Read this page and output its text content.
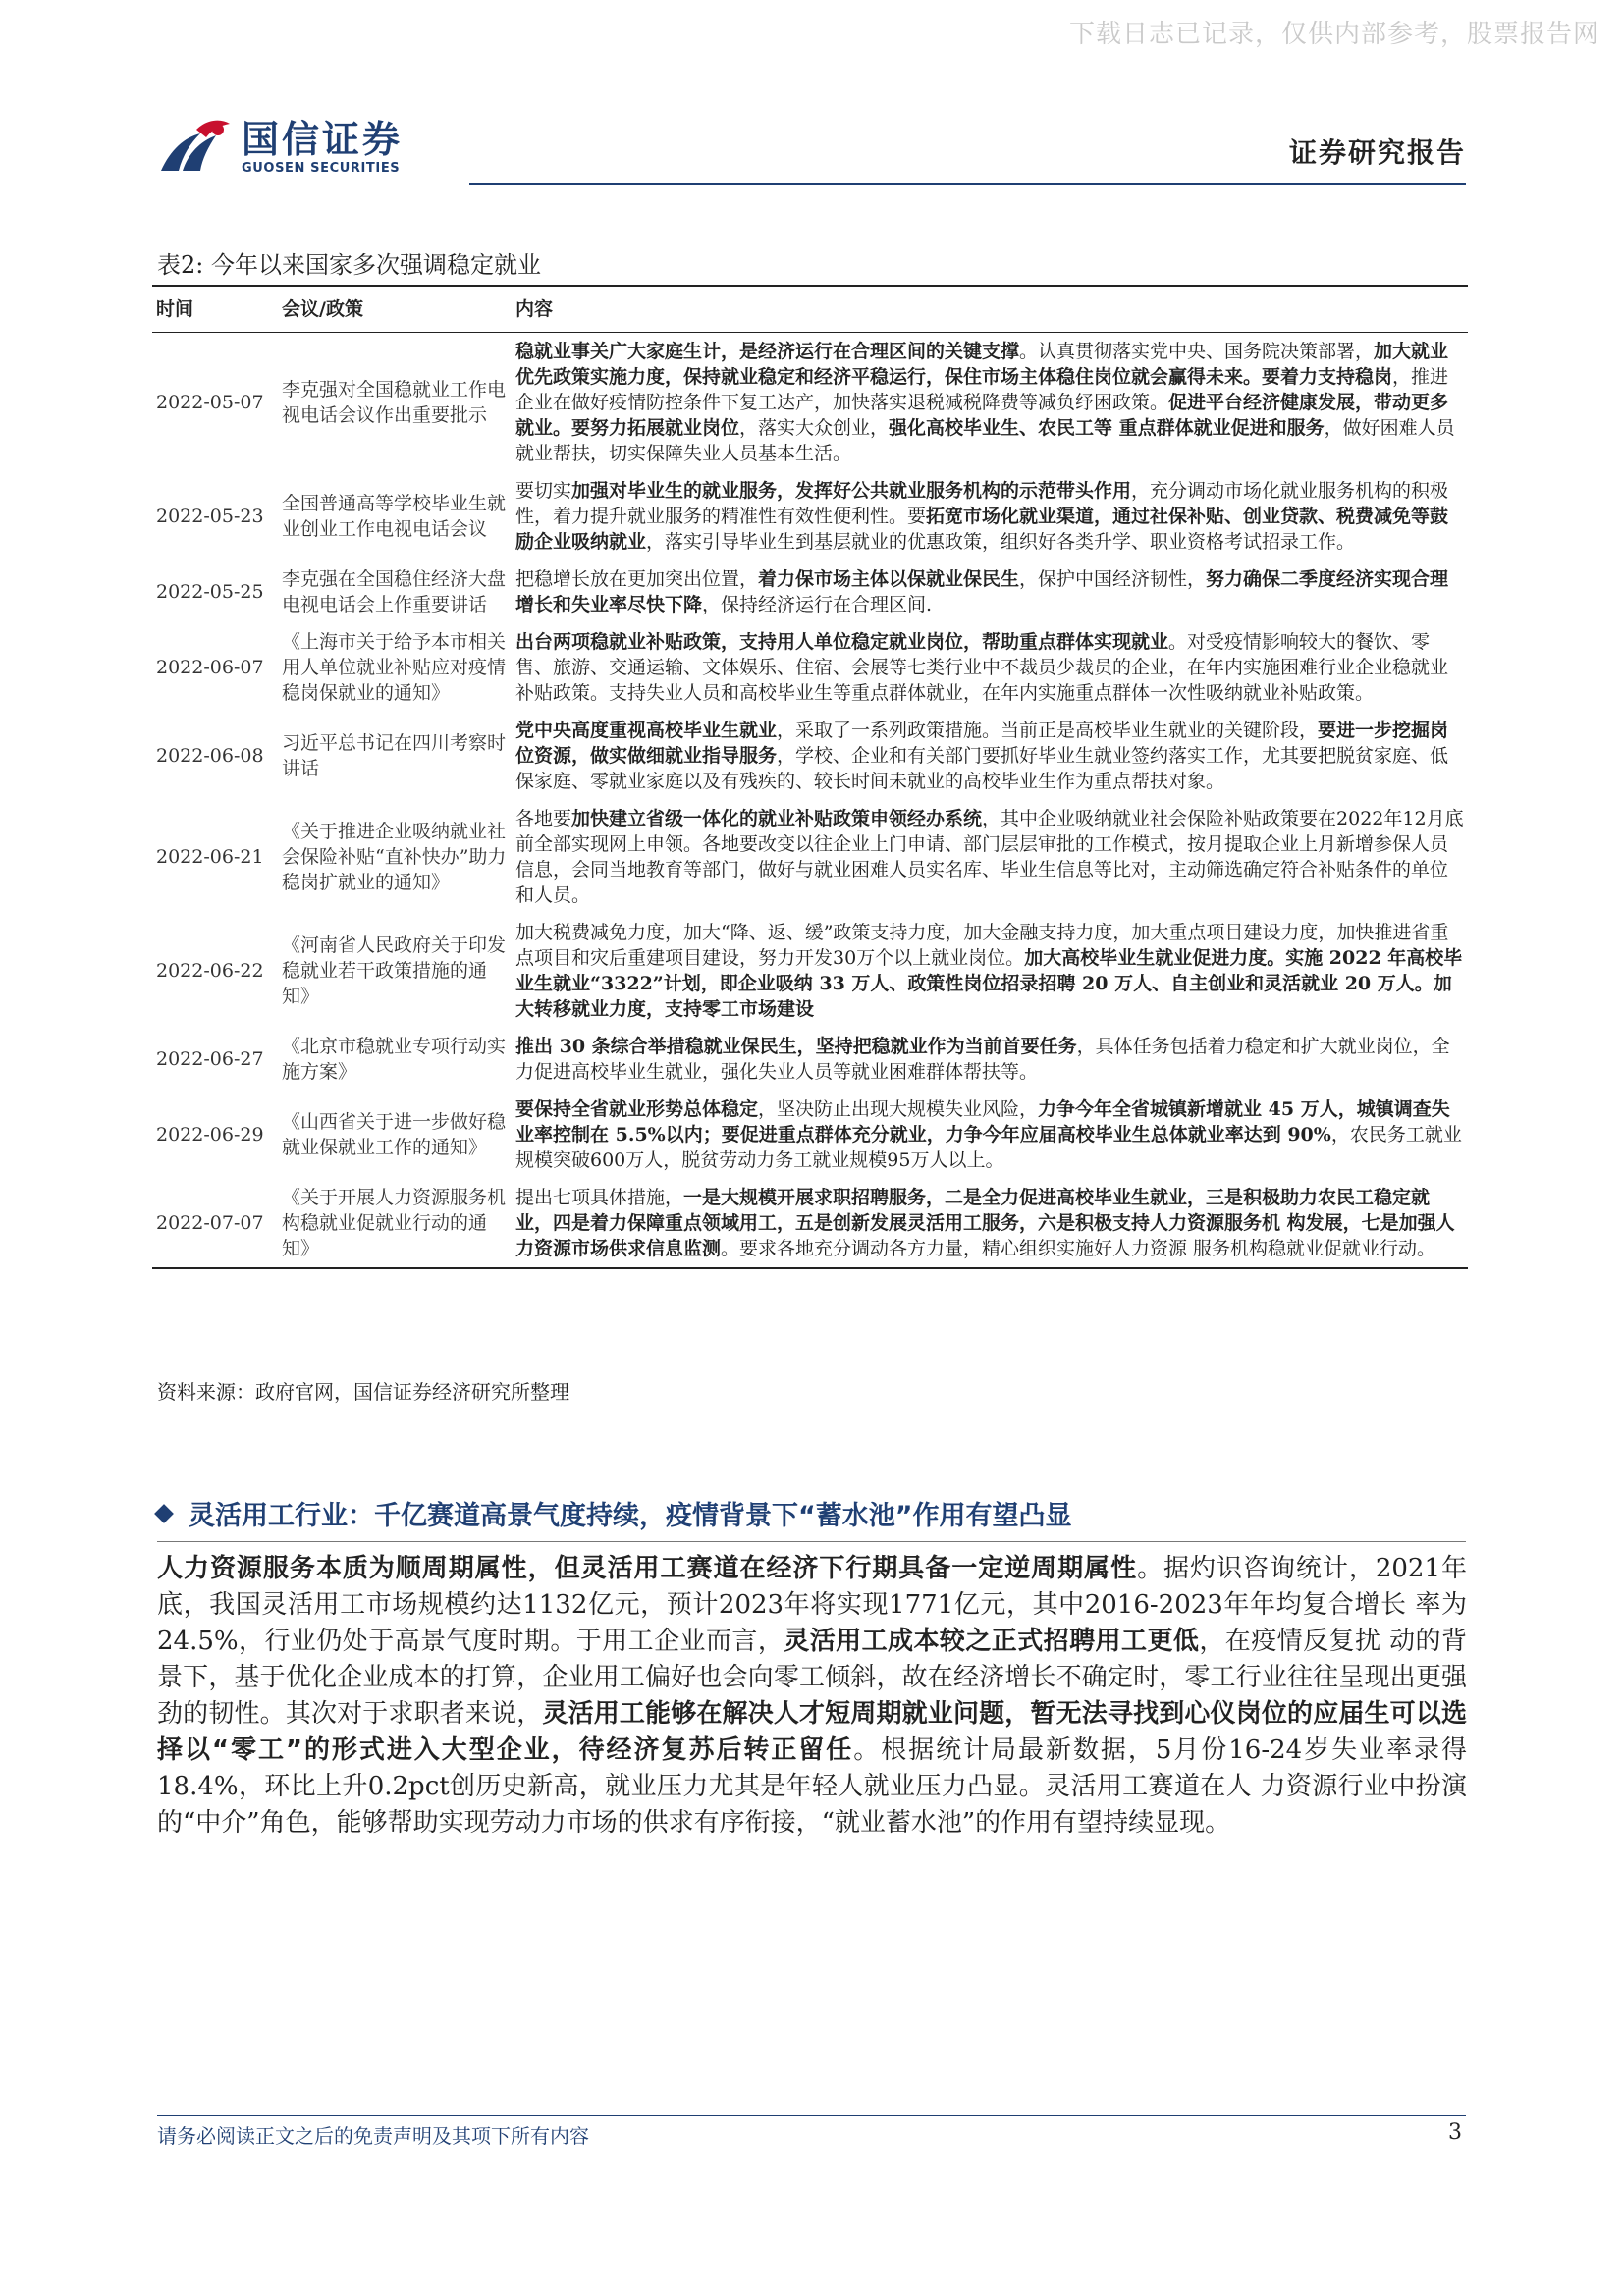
下载日志已记录，仅供内部参考，股票报告网
国信证券
GUOSEN SECURITIES	证券研究报告
表2: 今年以来国家多次强调稳定就业
时间	会议/政策	内容
2022-05-07	李克强对全国稳就业工作电视电话会议作出重要批示	稳就业事关广大家庭生计，是经济运行在合理区间的关键支撑。认真贯彻落实党中央、国务院决策部署，加大就业优先政策实施力度，保持就业稳定和经济平稳运行，保住市场主体稳住岗位就会赢得未来。要着力支持稳岗，推进企业在做好疫情防控条件下复工达产，加快落实退税减税降费等减负纾困政策。促进平台经济健康发展，带动更多就业。要努力拓展就业岗位，落实大众创业，强化高校毕业生、农民工等 重点群体就业促进和服务，做好困难人员就业帮扶，切实保障失业人员基本生活。
2022-05-23	全国普通高等学校毕业生就业创业工作电视电话会议	要切实加强对毕业生的就业服务，发挥好公共就业服务机构的示范带头作用，充分调动市场化就业服务机构的积极性，着力提升就业服务的精准性有效性便利性。要拓宽市场化就业渠道，通过社保补贴、创业贷款、税费减免等鼓励企业吸纳就业，落实引导毕业生到基层就业的优惠政策，组织好各类升学、职业资格考试招录工作。
2022-05-25	李克强在全国稳住经济大盘电视电话会上作重要讲话	把稳增长放在更加突出位置，着力保市场主体以保就业保民生，保护中国经济韧性，努力确保二季度经济实现合理增长和失业率尽快下降，保持经济运行在合理区间.
2022-06-07	《上海市关于给予本市相关用人单位就业补贴应对疫情稳岗保就业的通知》	出台两项稳就业补贴政策，支持用人单位稳定就业岗位，帮助重点群体实现就业。对受疫情影响较大的餐饮、零售、旅游、交通运输、文体娱乐、住宿、会展等七类行业中不裁员少裁员的企业，在年内实施困难行业企业稳就业补贴政策。支持失业人员和高校毕业生等重点群体就业，在年内实施重点群体一次性吸纳就业补贴政策。
2022-06-08	习近平总书记在四川考察时讲话	党中央高度重视高校毕业生就业，采取了一系列政策措施。当前正是高校毕业生就业的关键阶段，要进一步挖掘岗位资源，做实做细就业指导服务，学校、企业和有关部门要抓好毕业生就业签约落实工作，尤其要把脱贫家庭、低保家庭、零就业家庭以及有残疾的、较长时间未就业的高校毕业生作为重点帮扶对象。
2022-06-21	《关于推进企业吸纳就业社会保险补贴“直补快办”助力稳岗扩就业的通知》	各地要加快建立省级一体化的就业补贴政策申领经办系统，其中企业吸纳就业社会保险补贴政策要在2022年12月底前全部实现网上申领。各地要改变以往企业上门申请、部门层层审批的工作模式，按月提取企业上月新增参保人员信息，会同当地教育等部门，做好与就业困难人员实名库、毕业生信息等比对，主动筛选确定符合补贴条件的单位和人员。
2022-06-22	《河南省人民政府关于印发稳就业若干政策措施的通知》	加大税费减免力度，加大“降、返、缓”政策支持力度，加大金融支持力度，加大重点项目建设力度，加快推进省重点项目和灾后重建项目建设，努力开发30万个以上就业岗位。加大高校毕业生就业促进力度。实施 2022 年高校毕业生就业“3322”计划，即企业吸纳 33 万人、政策性岗位招录招聘 20 万人、自主创业和灵活就业 20 万人。加大转移就业力度，支持零工市场建设
2022-06-27	《北京市稳就业专项行动实施方案》	推出 30 条综合举措稳就业保民生，坚持把稳就业作为当前首要任务，具体任务包括着力稳定和扩大就业岗位，全力促进高校毕业生就业，强化失业人员等就业困难群体帮扶等。
2022-06-29	《山西省关于进一步做好稳就业保就业工作的通知》	要保持全省就业形势总体稳定，坚决防止出现大规模失业风险，力争今年全省城镇新增就业 45 万人，城镇调查失业率控制在 5.5%以内；要促进重点群体充分就业，力争今年应届高校毕业生总体就业率达到 90%，农民务工就业规模突破600万人，脱贫劳动力务工就业规模95万人以上。
2022-07-07	《关于开展人力资源服务机构稳就业促就业行动的通知》	提出七项具体措施，一是大规模开展求职招聘服务，二是全力促进高校毕业生就业，三是积极助力农民工稳定就业，四是着力保障重点领域用工，五是创新发展灵活用工服务，六是积极支持人力资源服务机 构发展，七是加强人力资源市场供求信息监测。要求各地充分调动各方力量，精心组织实施好人力资源 服务机构稳就业促就业行动。
资料来源：政府官网，国信证券经济研究所整理
灵活用工行业：千亿赛道高景气度持续，疫情背景下“蓄水池”作用有望凸显
人力资源服务本质为顺周期属性，但灵活用工赛道在经济下行期具备一定逆周期属性。据灼识咨询统计，2021年底，我国灵活用工市场规模约达1132亿元，预计2023年将实现1771亿元，其中2016-2023年年均复合增长 率为24.5%，行业仍处于高景气度时期。于用工企业而言，灵活用工成本较之正式招聘用工更低，在疫情反复扰 动的背景下，基于优化企业成本的打算，企业用工偏好也会向零工倾斜，故在经济增长不确定时，零工行业往往呈现出更强劲的韧性。其次对于求职者来说，灵活用工能够在解决人才短周期就业问题，暂无法寻找到心仪岗位的应届生可以选择以“零工”的形式进入大型企业，待经济复苏后转正留任。根据统计局最新数据，5月份16-24岁失业率录得18.4%，环比上升0.2pct创历史新高，就业压力尤其是年轻人就业压力凸显。灵活用工赛道在人 力资源行业中扮演的“中介”角色，能够帮助实现劳动力市场的供求有序衔接，“就业蓄水池”的作用有望持续显现。
请务必阅读正文之后的免责声明及其项下所有内容	3
